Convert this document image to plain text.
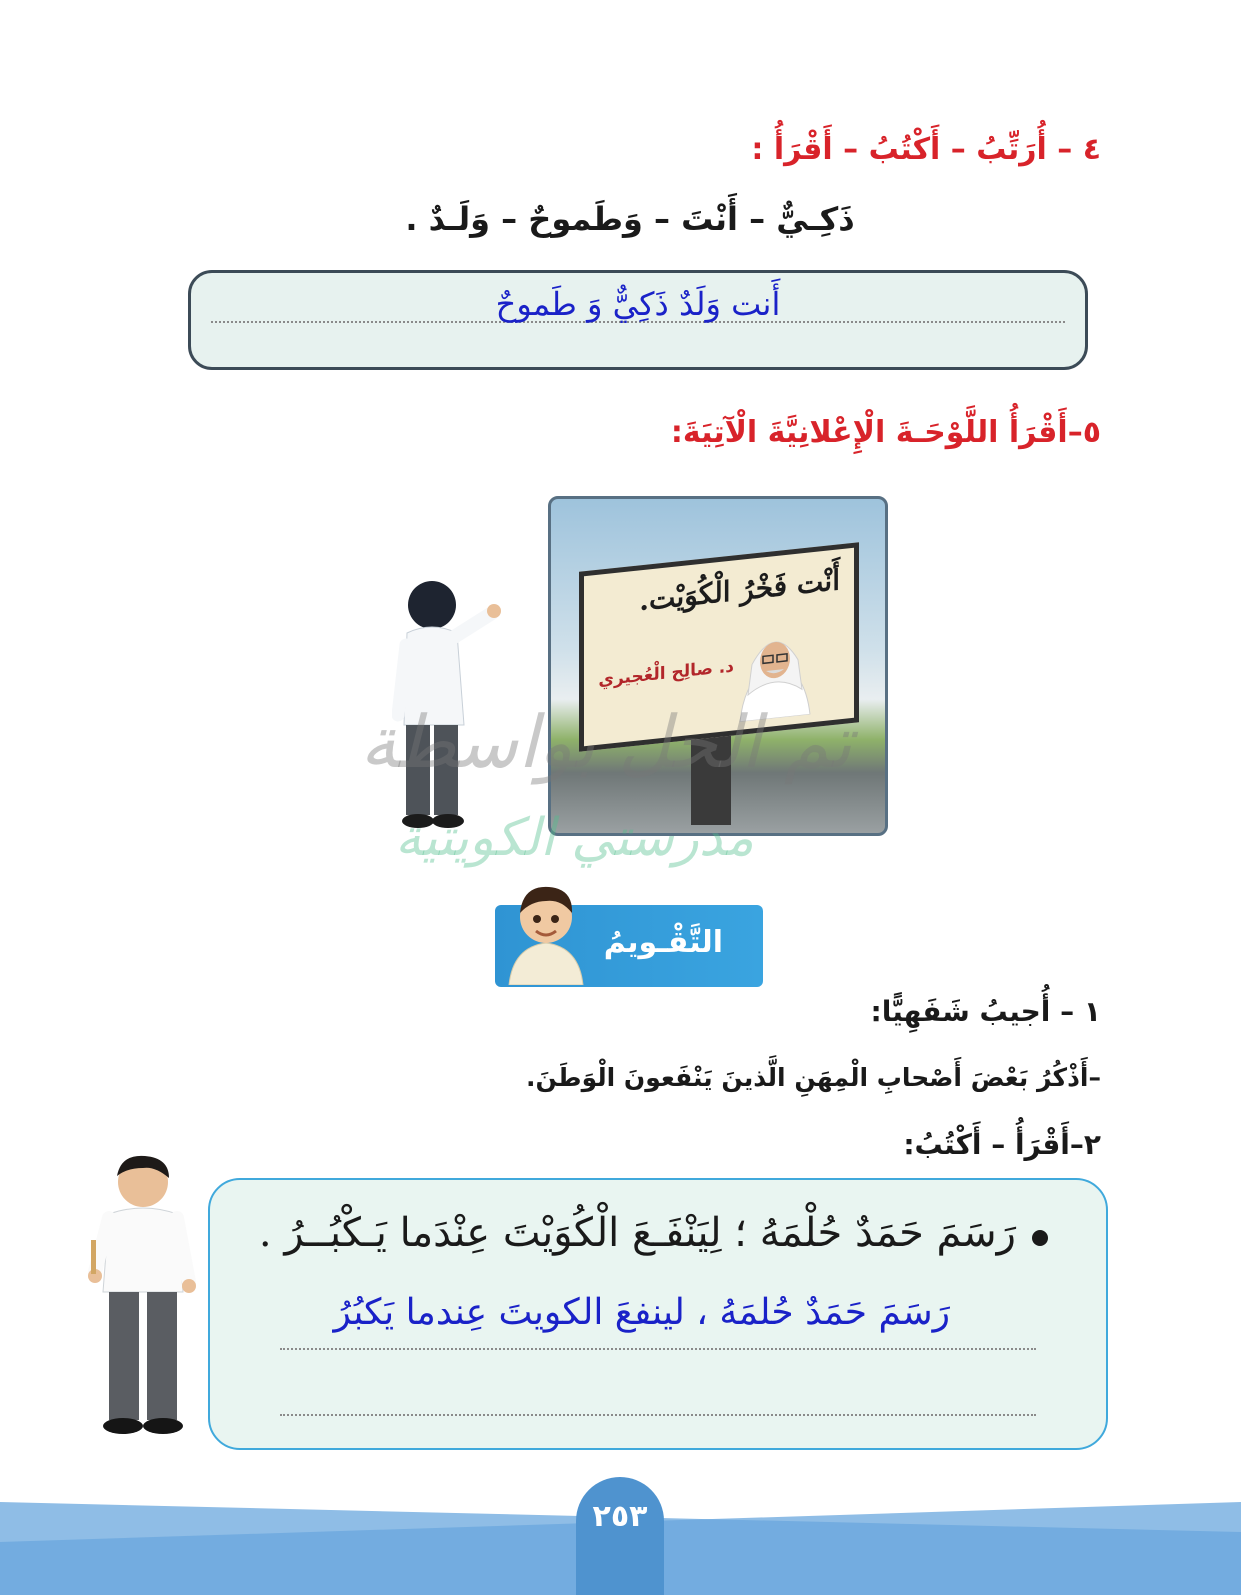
٤ – أُرَتِّبُ – أَكْتُبُ – أَقْرَأُ :
ذَكِـيٌّ – أَنْتَ – وَطَموحٌ – وَلَـدٌ .
أَنت وَلَدٌ ذَكِيٌّ وَ طَموحٌ
٥–أَقْرَأُ اللَّوْحَـةَ الْإِعْلانِيَّةَ الْآتِيَةَ:
أَنْت فَخْرُ الْكُوَيْت.
د. صالِح الْعُجيري
تم الحل بواسطة
مدرستي الكويتية
التَّقْـويمُ
١ – أُجيبُ شَفَهِيًّا:
–أَذْكُرُ بَعْضَ أَصْحابِ الْمِهَنِ الَّذينَ يَنْفَعونَ الْوَطَنَ.
٢–أَقْرَأُ – أَكْتُبُ:
رَسَمَ حَمَدٌ حُلْمَهُ ؛ لِيَنْفَـعَ الْكُوَيْتَ عِنْدَما يَـكْبُــرُ .
رَسَمَ حَمَدٌ حُلمَهُ ، لينفعَ الكويتَ عِندما يَكبُرُ
٢٥٣
